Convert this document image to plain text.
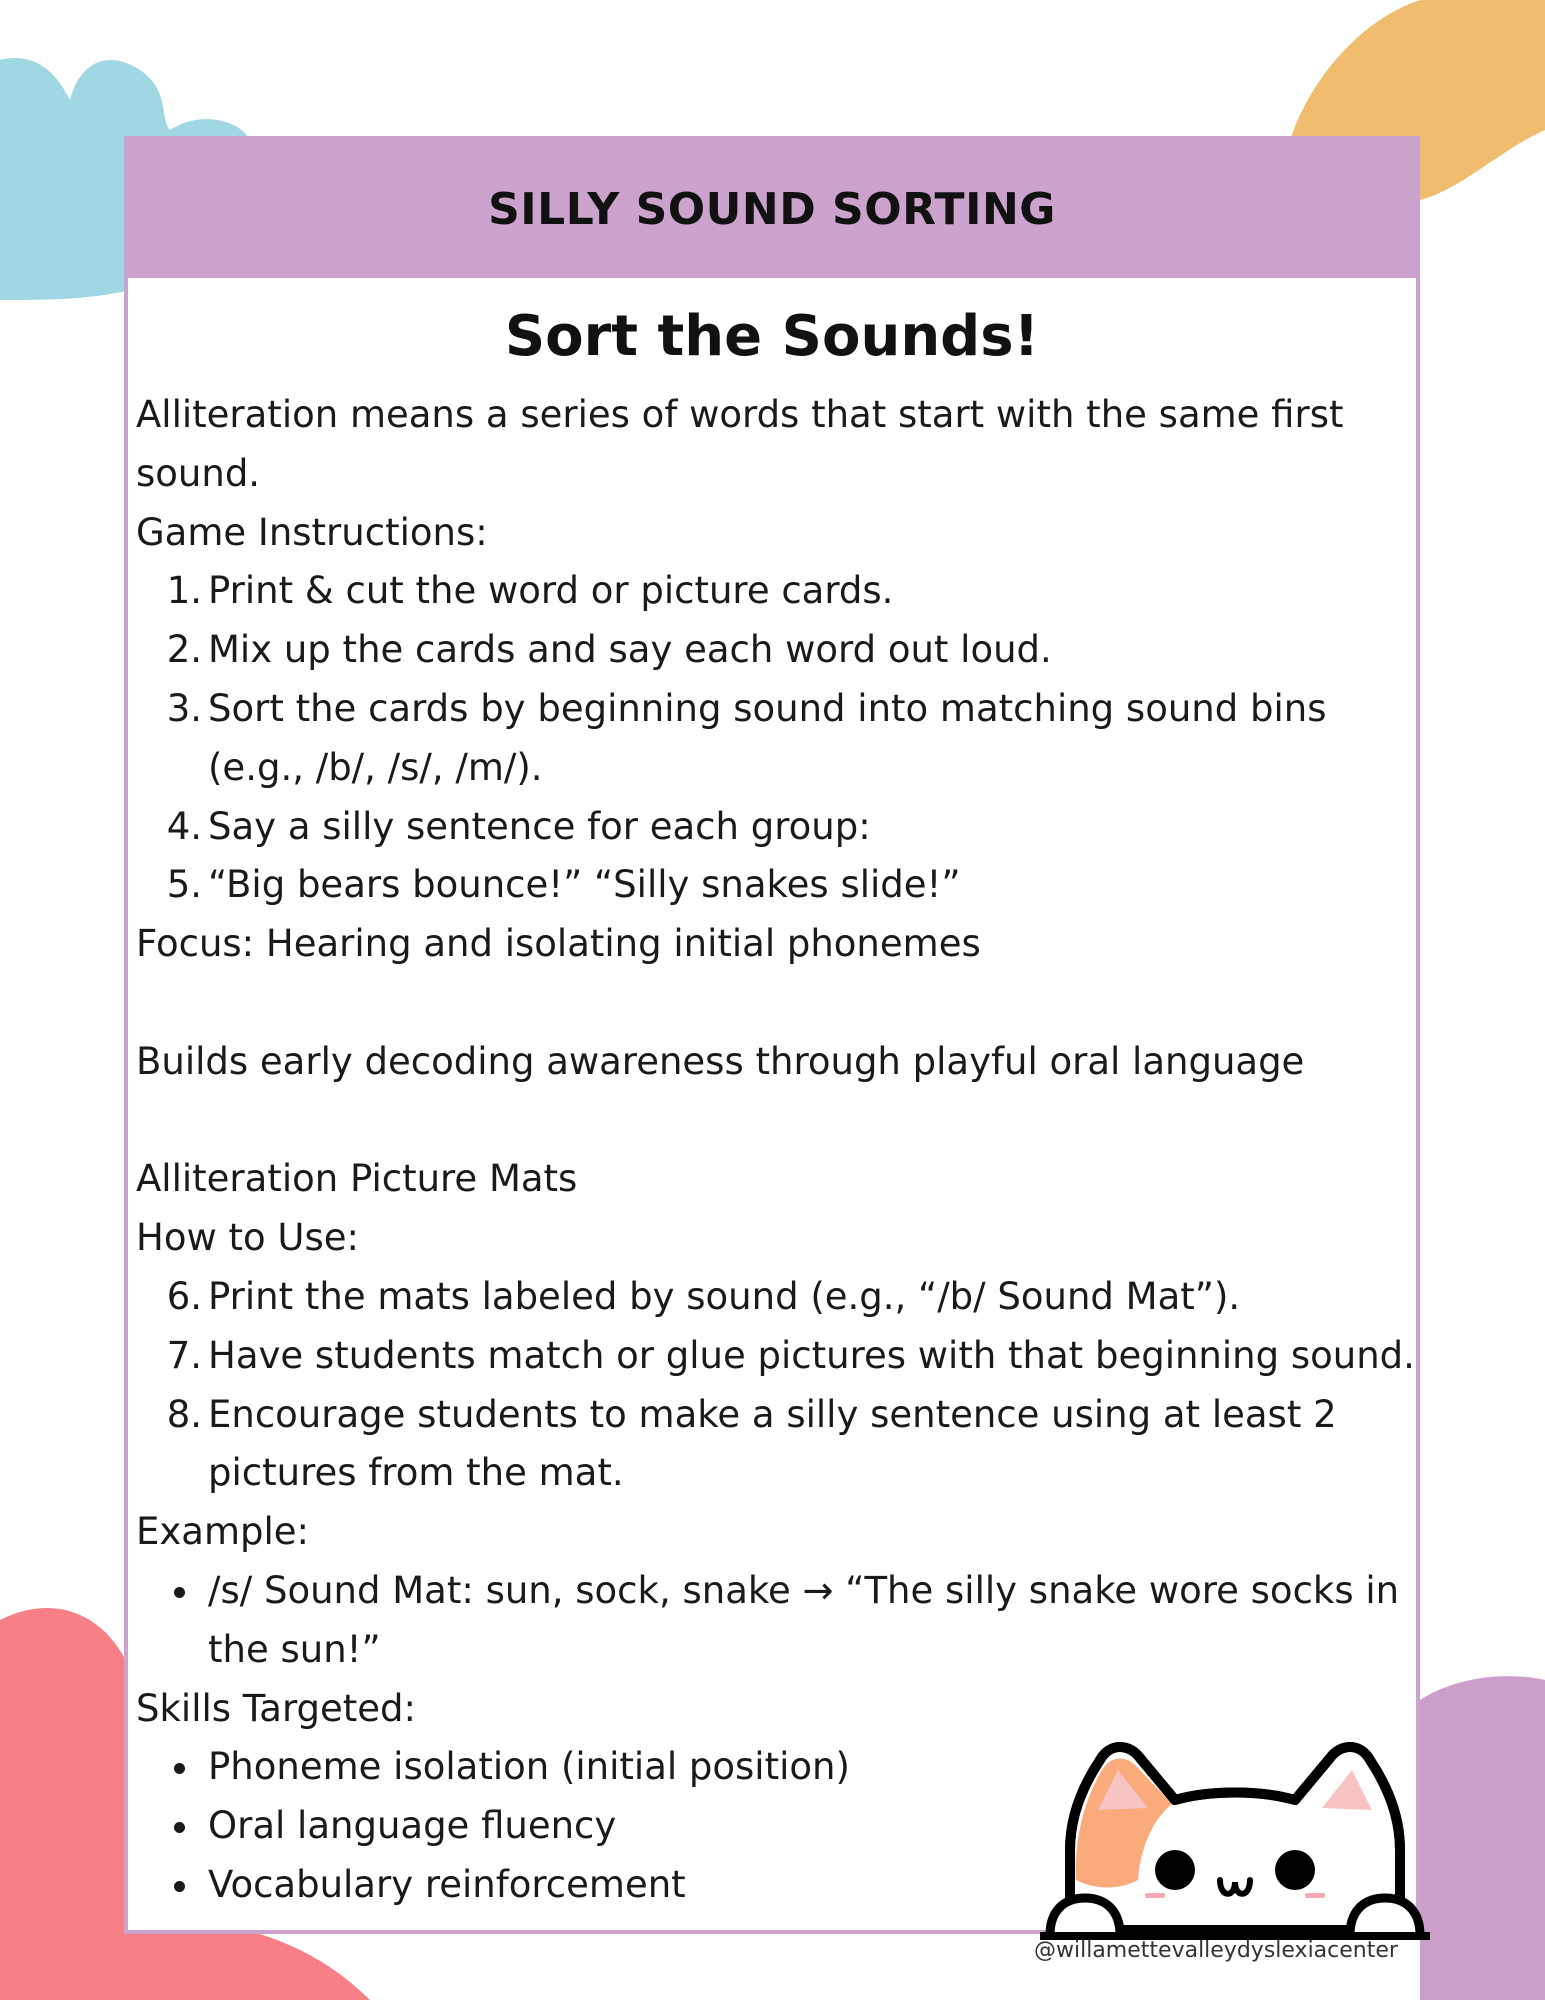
SILLY SOUND SORTING
Sort the Sounds!

Alliteration means a series of words that start with the same first sound.

Game Instructions:

1. Print & cut the word or picture cards.
2. Mix up the cards and say each word out loud.
3. Sort the cards by beginning sound into matching sound bins (e.g., /b/, /s/, /m/).
4. Say a silly sentence for each group:
5. “Big bears bounce!” “Silly snakes slide!”

Focus: Hearing and isolating initial phonemes

Builds early decoding awareness through playful oral language

Alliteration Picture Mats

How to Use:

6. Print the mats labeled by sound (e.g., “/b/ Sound Mat”).
7. Have students match or glue pictures with that beginning sound.
8. Encourage students to make a silly sentence using at least 2 pictures from the mat.

Example:

/s/ Sound Mat: sun, sock, snake → “The silly snake wore socks in the sun!”

Skills Targeted:

Phoneme isolation (initial position)
Oral language fluency
Vocabulary reinforcement
@willamettevalleydyslexiacenter
